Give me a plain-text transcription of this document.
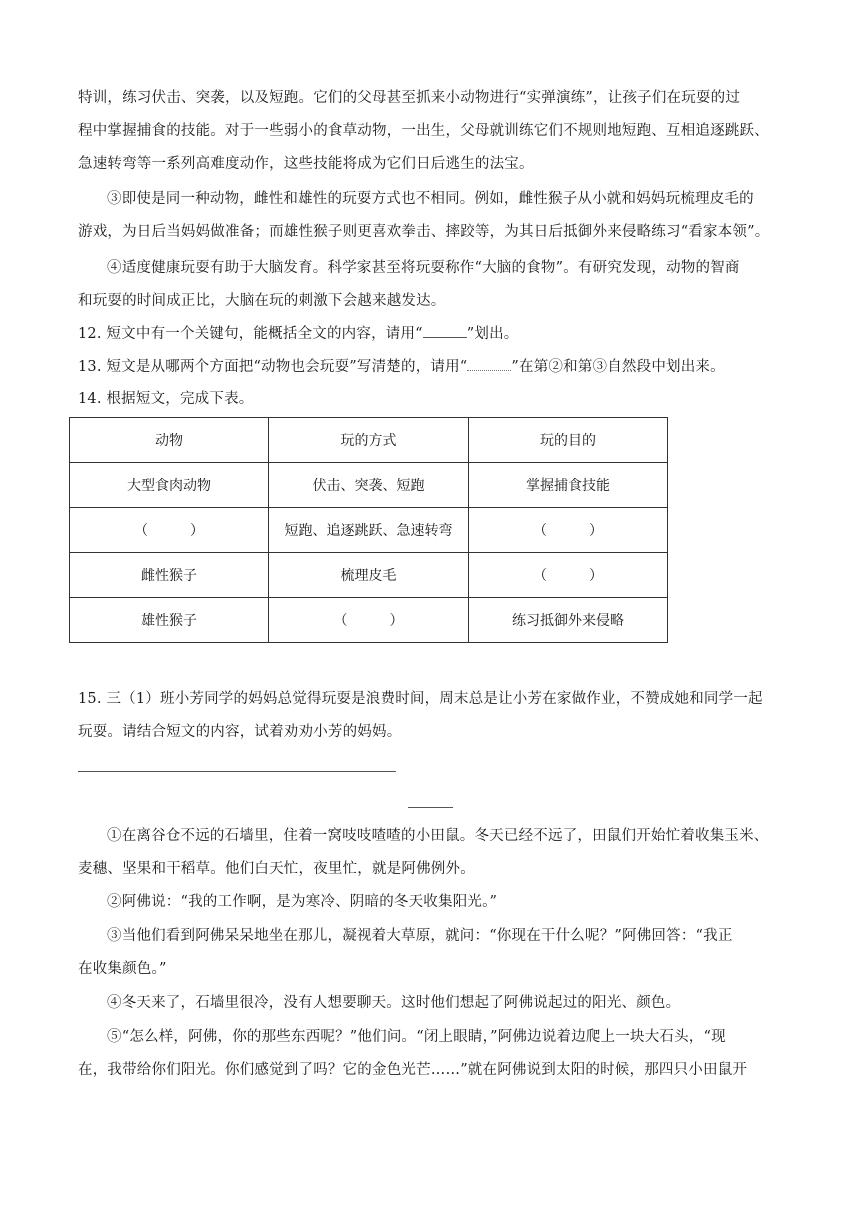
特训，练习伏击、突袭，以及短跑。它们的父母甚至抓来小动物进行“实弹演练”，让孩子们在玩耍的过
程中掌握捕食的技能。对于一些弱小的食草动物，一出生，父母就训练它们不规则地短跑、互相追逐跳跃、
急速转弯等一系列高难度动作，这些技能将成为它们日后逃生的法宝。
③即使是同一种动物，雌性和雄性的玩耍方式也不相同。例如，雌性猴子从小就和妈妈玩梳理皮毛的
游戏，为日后当妈妈做准备；而雄性猴子则更喜欢拳击、摔跤等，为其日后抵御外来侵略练习“看家本领”。
④适度健康玩耍有助于大脑发育。科学家甚至将玩耍称作“大脑的食物”。有研究发现，动物的智商
和玩耍的时间成正比，大脑在玩的刺激下会越来越发达。
12. 短文中有一个关键句，能概括全文的内容，请用“	”划出。
13. 短文是从哪两个方面把“动物也会玩耍”写清楚的，请用“	”在第②和第③自然段中划出来。
14. 根据短文，完成下表。
动物	玩的方式	玩的目的
大型食肉动物	伏击、突袭、短跑	掌握捕食技能
（　　　）	短跑、追逐跳跃、急速转弯	（　　　）
雌性猴子	梳理皮毛	（　　　）
雄性猴子	（　　　）	练习抵御外来侵略
15. 三（1）班小芳同学的妈妈总觉得玩耍是浪费时间，周末总是让小芳在家做作业，不赞成她和同学一起
玩耍。请结合短文的内容，试着劝劝小芳的妈妈。
①在离谷仓不远的石墙里，住着一窝吱吱喳喳的小田鼠。冬天已经不远了，田鼠们开始忙着收集玉米、
麦穗、坚果和干稻草。他们白天忙，夜里忙，就是阿佛例外。
②阿佛说：“我的工作啊，是为寒冷、阴暗的冬天收集阳光。”
③当他们看到阿佛呆呆地坐在那儿，凝视着大草原，就问：“你现在干什么呢？”阿佛回答：“我正
在收集颜色。”
④冬天来了，石墙里很冷，没有人想要聊天。这时他们想起了阿佛说起过的阳光、颜色。
⑤“怎么样，阿佛，你的那些东西呢？”他们问。“闭上眼睛，”阿佛边说着边爬上一块大石头，“现
在，我带给你们阳光。你们感觉到了吗？它的金色光芒……”就在阿佛说到太阳的时候，那四只小田鼠开
